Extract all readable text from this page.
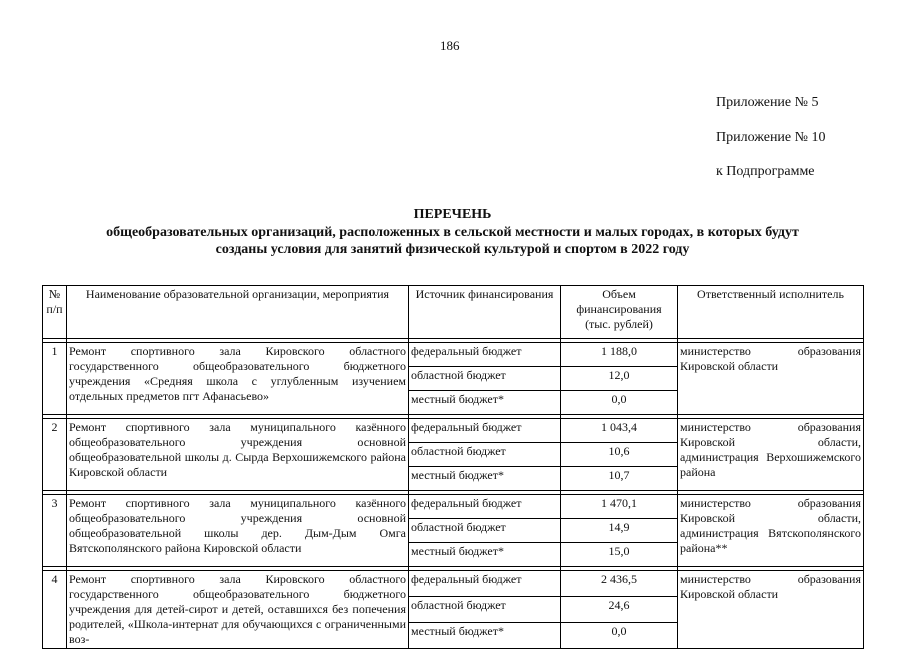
186
Приложение № 5
Приложение № 10
к Подпрограмме
ПЕРЕЧЕНЬ
общеобразовательных организаций, расположенных в сельской местности и малых городах, в которых будут
созданы условия для занятий физической культурой и спортом в 2022 году
№ п/п	Наименование образовательной организации, мероприятия	Источник финансирования	Объем финансирования (тыс. рублей)	Ответственный исполнитель

1	Ремонт спортивного зала Кировского областного государственного общеобразовательного бюджетного учреждения «Средняя школа с углубленным изучением отдельных предметов пгт Афанасьево»	федеральный бюджет	1 188,0	министерство образования Кировской области
		областной бюджет	12,0	
		местный бюджет*	0,0	

2	Ремонт спортивного зала муниципального казённого общеобразовательного учреждения основной общеобразовательной школы д. Сырда Верхошижемского района Кировской области	федеральный бюджет	1 043,4	министерство образования Кировской области, администрация Верхошижемского района
		областной бюджет	10,6	
		местный бюджет*	10,7	

3	Ремонт спортивного зала муниципального казённого общеобразовательного учреждения основной общеобразовательной школы дер. Дым-Дым Омга Вятскополянского района Кировской области	федеральный бюджет	1 470,1	министерство образования Кировской области, администрация Вятскополянского района**
		областной бюджет	14,9	
		местный бюджет*	15,0	

4	Ремонт спортивного зала Кировского областного государственного общеобразовательного бюджетного учреждения для детей-сирот и детей, оставшихся без попечения родителей, «Школа-интернат для обучающихся с ограниченными воз-	федеральный бюджет	2 436,5	министерство образования Кировской области
		областной бюджет	24,6	
		местный бюджет*	0,0	
